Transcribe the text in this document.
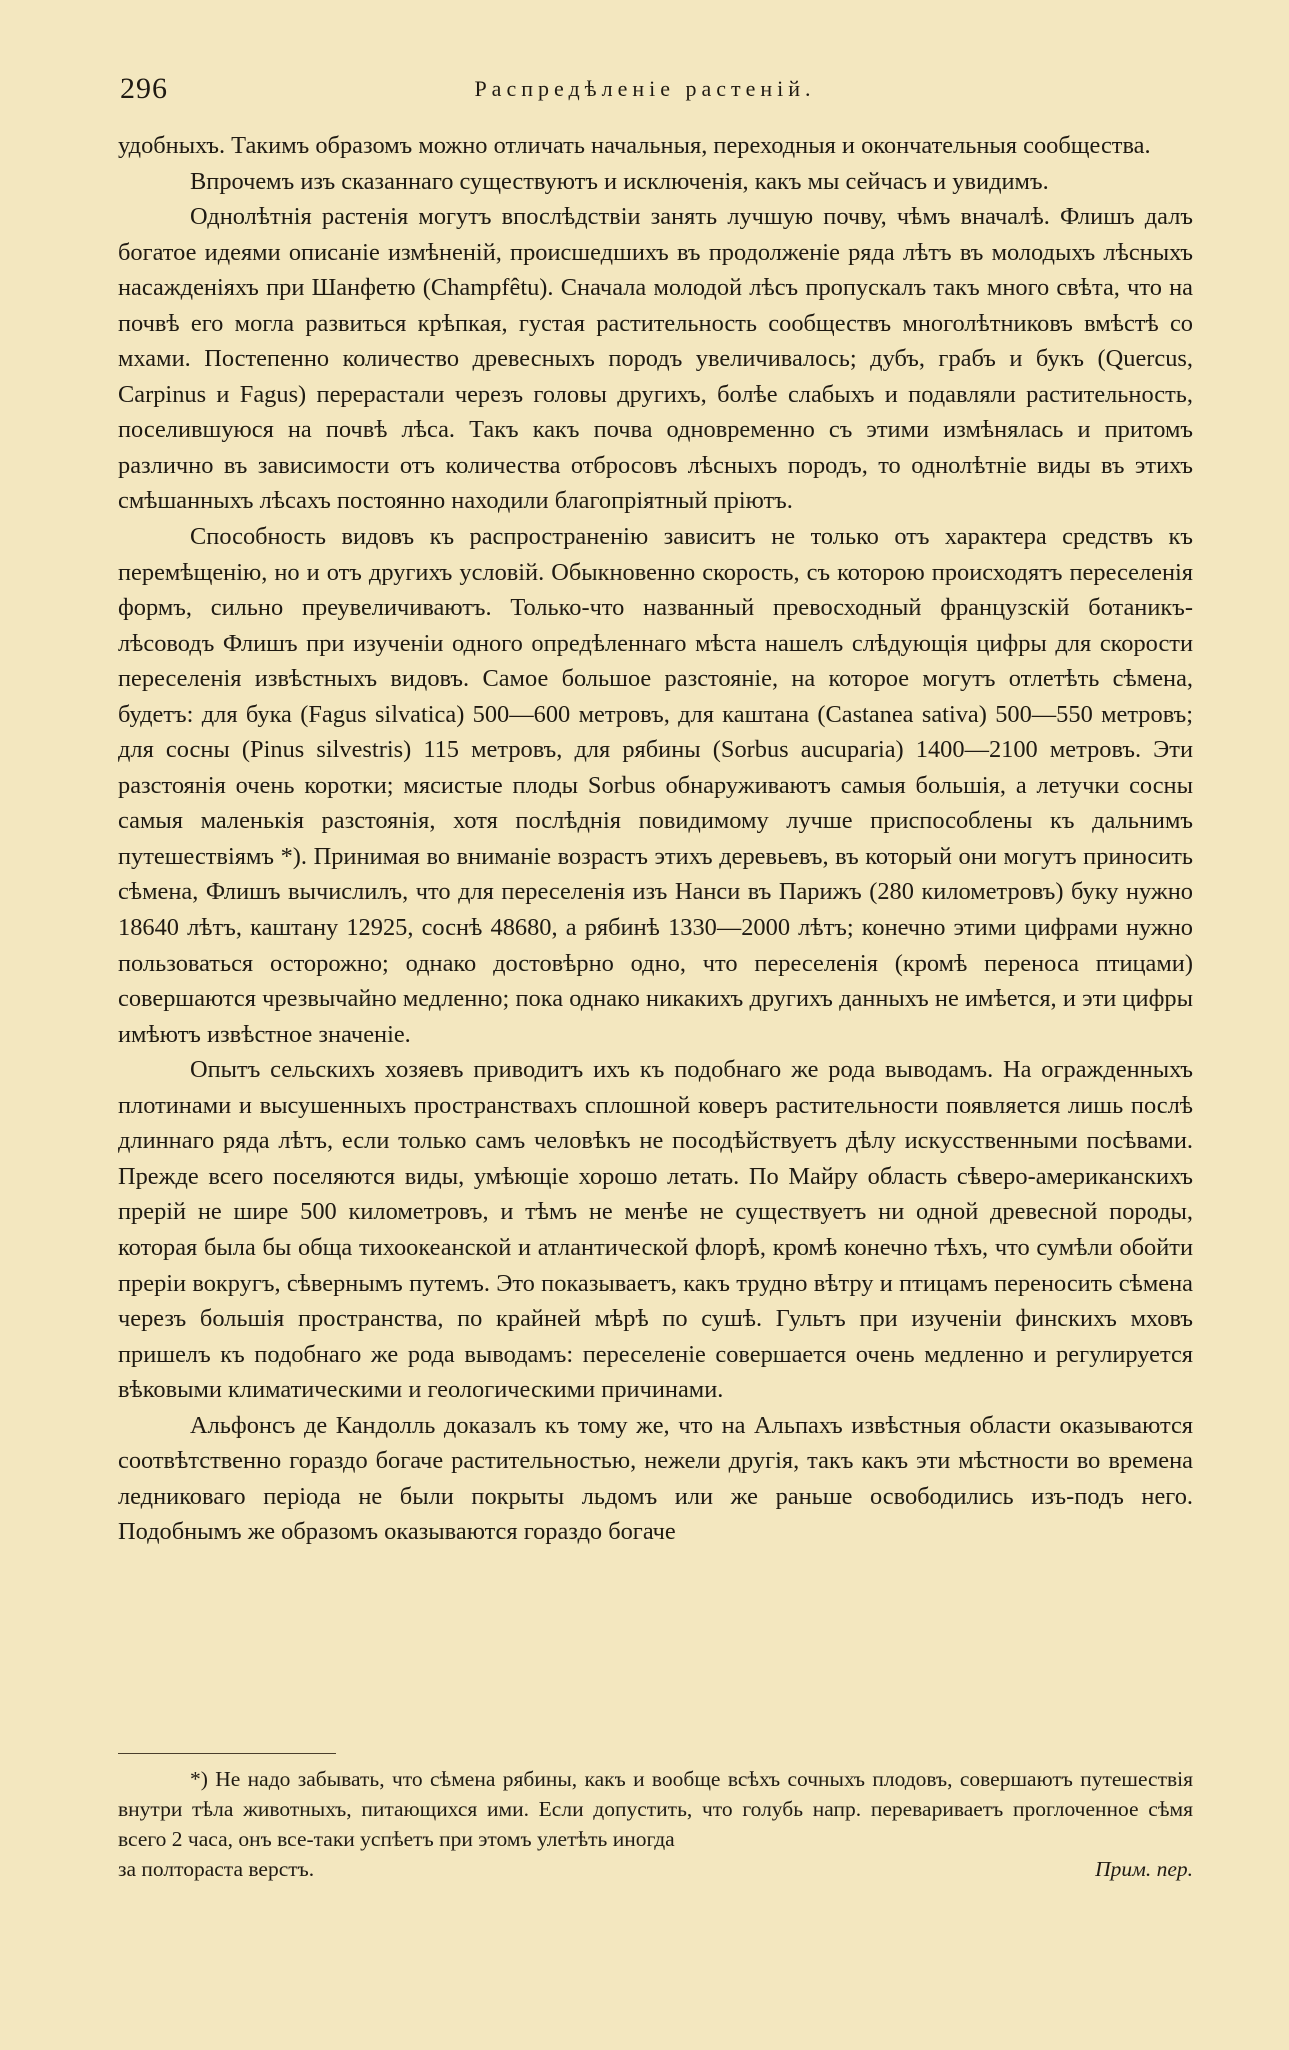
296	Распредѣленіе растеній.

удобныхъ. Такимъ образомъ можно отличать начальныя, переходныя и окончательныя сообщества.

Впрочемъ изъ сказаннаго существуютъ и исключенія, какъ мы сейчасъ и увидимъ.

Однолѣтнія растенія могутъ впослѣдствіи занять лучшую почву, чѣмъ вначалѣ. Флишъ далъ богатое идеями описаніе измѣненій, происшедшихъ въ продолженіе ряда лѣтъ въ молодыхъ лѣсныхъ насажденіяхъ при Шанфетю (Champfêtu). Сначала молодой лѣсъ пропускалъ такъ много свѣта, что на почвѣ его могла развиться крѣпкая, густая растительность сообществъ многолѣтниковъ вмѣстѣ со мхами. Постепенно количество древесныхъ породъ увеличивалось; дубъ, грабъ и букъ (Quercus, Carpinus и Fagus) перерастали черезъ головы другихъ, болѣе слабыхъ и подавляли растительность, поселившуюся на почвѣ лѣса. Такъ какъ почва одновременно съ этими измѣнялась и притомъ различно въ зависимости отъ количества отбросовъ лѣсныхъ породъ, то однолѣтніе виды въ этихъ смѣшанныхъ лѣсахъ постоянно находили благопріятный пріютъ.

Способность видовъ къ распространенію зависитъ не только отъ характера средствъ къ перемѣщенію, но и отъ другихъ условій. Обыкновенно скорость, съ которою происходятъ переселенія формъ, сильно преувеличиваютъ. Только-что названный превосходный французскій ботаникъ-лѣсоводъ Флишъ при изученіи одного опредѣленнаго мѣста нашелъ слѣдующія цифры для скорости переселенія извѣстныхъ видовъ. Самое большое разстояніе, на которое могутъ отлетѣть сѣмена, будетъ: для бука (Fagus silvatica) 500—600 метровъ, для каштана (Castanea sativa) 500—550 метровъ; для сосны (Pinus silvestris) 115 метровъ, для рябины (Sorbus aucuparia) 1400—2100 метровъ. Эти разстоянія очень коротки; мясистые плоды Sorbus обнаруживаютъ самыя большія, а летучки сосны самыя маленькія разстоянія, хотя послѣднія повидимому лучше приспособлены къ дальнимъ путешествіямъ *). Принимая во вниманіе возрастъ этихъ деревьевъ, въ который они могутъ приносить сѣмена, Флишъ вычислилъ, что для переселенія изъ Нанси въ Парижъ (280 километровъ) буку нужно 18640 лѣтъ, каштану 12925, соснѣ 48680, а рябинѣ 1330—2000 лѣтъ; конечно этими цифрами нужно пользоваться осторожно; однако достовѣрно одно, что переселенія (кромѣ переноса птицами) совершаются чрезвычайно медленно; пока однако никакихъ другихъ данныхъ не имѣется, и эти цифры имѣютъ извѣстное значеніе.

Опытъ сельскихъ хозяевъ приводитъ ихъ къ подобнаго же рода выводамъ. На огражденныхъ плотинами и высушенныхъ пространствахъ сплошной коверъ растительности появляется лишь послѣ длиннаго ряда лѣтъ, если только самъ человѣкъ не посодѣйствуетъ дѣлу искусственными посѣвами. Прежде всего поселяются виды, умѣющіе хорошо летать. По Майру область сѣверо-американскихъ прерій не шире 500 километровъ, и тѣмъ не менѣе не существуетъ ни одной древесной породы, которая была бы обща тихоокеанской и атлантической флорѣ, кромѣ конечно тѣхъ, что сумѣли обойти преріи вокругъ, сѣвернымъ путемъ. Это показываетъ, какъ трудно вѣтру и птицамъ переносить сѣмена черезъ большія пространства, по крайней мѣрѣ по сушѣ. Гультъ при изученіи финскихъ мховъ пришелъ къ подобнаго же рода выводамъ: переселеніе совершается очень медленно и регулируется вѣковыми климатическими и геологическими причинами.

Альфонсъ де Кандолль доказалъ къ тому же, что на Альпахъ извѣстныя области оказываются соотвѣтственно гораздо богаче растительностью, нежели другія, такъ какъ эти мѣстности во времена ледниковаго періода не были покрыты льдомъ или же раньше освободились изъ-подъ него. Подобнымъ же образомъ оказываются гораздо богаче

*) Не надо забывать, что сѣмена рябины, какъ и вообще всѣхъ сочныхъ плодовъ, совершаютъ путешествія внутри тѣла животныхъ, питающихся ими. Если допустить, что голубь напр. перевариваетъ проглоченное сѣмя всего 2 часа, онъ все-таки успѣетъ при этомъ улетѣть иногда

за полтораста верстъ.	Прим. пер.
